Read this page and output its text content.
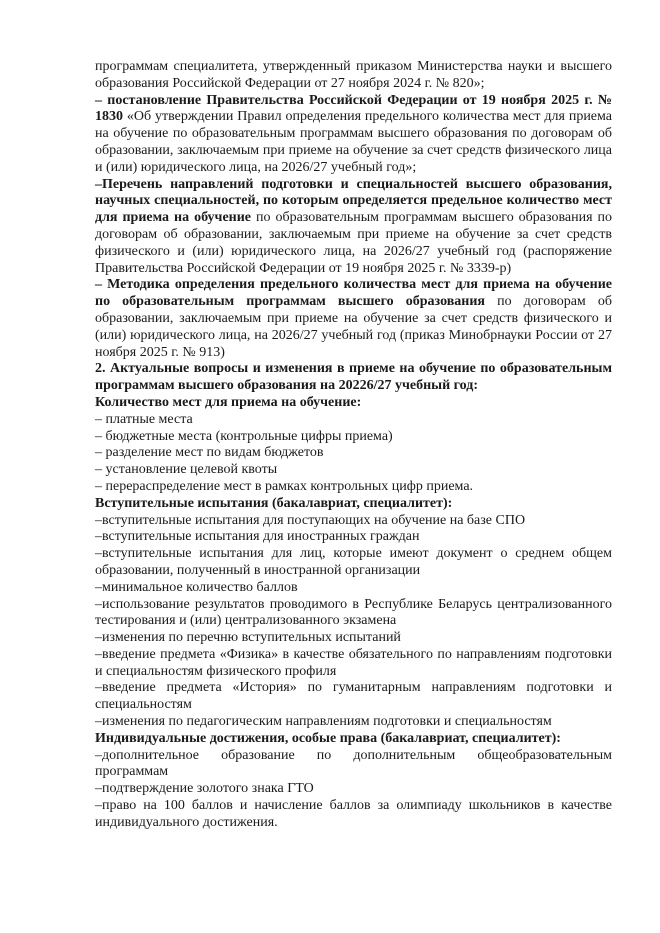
программам специалитета, утвержденный приказом Министерства науки и высшего образования Российской Федерации от 27 ноября 2024 г. № 820»;

– постановление Правительства Российской Федерации от 19 ноября 2025 г. № 1830 «Об утверждении Правил определения предельного количества мест для приема на обучение по образовательным программам высшего образования по договорам об образовании, заключаемым при приеме на обучение за счет средств физического лица и (или) юридического лица, на 2026/27 учебный год»;

–Перечень направлений подготовки и специальностей высшего образования, научных специальностей, по которым определяется предельное количество мест для приема на обучение по образовательным программам высшего образования по договорам об образовании, заключаемым при приеме на обучение за счет средств физического и (или) юридического лица, на 2026/27 учебный год (распоряжение Правительства Российской Федерации от 19 ноября 2025 г. № 3339-р)

– Методика определения предельного количества мест для приема на обучение по образовательным программам высшего образования по договорам об образовании, заключаемым при приеме на обучение за счет средств физического и (или) юридического лица, на 2026/27 учебный год (приказ Минобрнауки России от 27 ноября 2025 г. № 913)

2. Актуальные вопросы и изменения в приеме на обучение по образовательным программам высшего образования на 20226/27 учебный год:

Количество мест для приема на обучение:

– платные места

– бюджетные места (контрольные цифры приема)

– разделение мест по видам бюджетов

– установление целевой квоты

– перераспределение мест в рамках контрольных цифр приема.

Вступительные испытания (бакалавриат, специалитет):

–вступительные испытания для поступающих на обучение на базе СПО

–вступительные испытания для иностранных граждан

–вступительные испытания для лиц, которые имеют документ о среднем общем образовании, полученный в иностранной организации

–минимальное количество баллов

–использование результатов проводимого в Республике Беларусь централизованного тестирования и (или) централизованного экзамена

–изменения по перечню вступительных испытаний

–введение предмета «Физика» в качестве обязательного по направлениям подготовки и специальностям физического профиля

–введение предмета «История» по гуманитарным направлениям подготовки и специальностям

–изменения по педагогическим направлениям подготовки и специальностям

Индивидуальные достижения, особые права (бакалавриат, специалитет):

–дополнительное образование по дополнительным общеобразовательным программам

–подтверждение золотого знака ГТО

–право на 100 баллов и начисление баллов за олимпиаду школьников в качестве индивидуального достижения.
